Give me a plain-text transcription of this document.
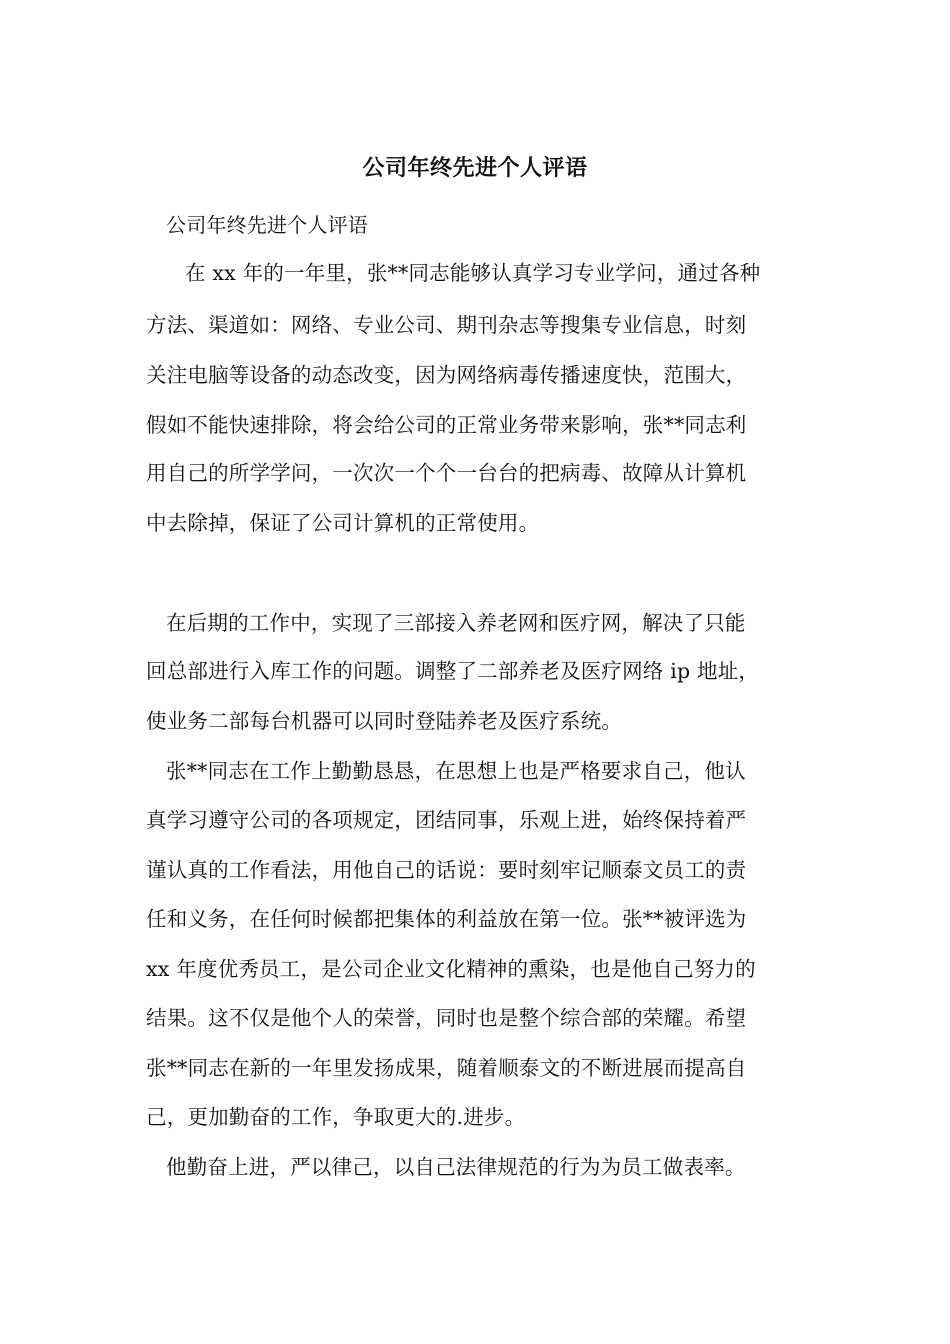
公司年终先进个人评语
公司年终先进个人评语
在 xx 年的一年里，张**同志能够认真学习专业学问，通过各种
方法、渠道如：网络、专业公司、期刊杂志等搜集专业信息，时刻
关注电脑等设备的动态改变，因为网络病毒传播速度快，范围大，
假如不能快速排除，将会给公司的正常业务带来影响，张**同志利
用自己的所学学问，一次次一个个一台台的把病毒、故障从计算机
中去除掉，保证了公司计算机的正常使用。
在后期的工作中，实现了三部接入养老网和医疗网，解决了只能
回总部进行入库工作的问题。调整了二部养老及医疗网络 ip 地址，
使业务二部每台机器可以同时登陆养老及医疗系统。
张**同志在工作上勤勤恳恳，在思想上也是严格要求自己，他认
真学习遵守公司的各项规定，团结同事，乐观上进，始终保持着严
谨认真的工作看法，用他自己的话说：要时刻牢记顺泰文员工的责
任和义务，在任何时候都把集体的利益放在第一位。张**被评选为
xx 年度优秀员工，是公司企业文化精神的熏染，也是他自己努力的
结果。这不仅是他个人的荣誉，同时也是整个综合部的荣耀。希望
张**同志在新的一年里发扬成果，随着顺泰文的不断进展而提高自
己，更加勤奋的工作，争取更大的.进步。
他勤奋上进，严以律己，以自己法律规范的行为为员工做表率。
